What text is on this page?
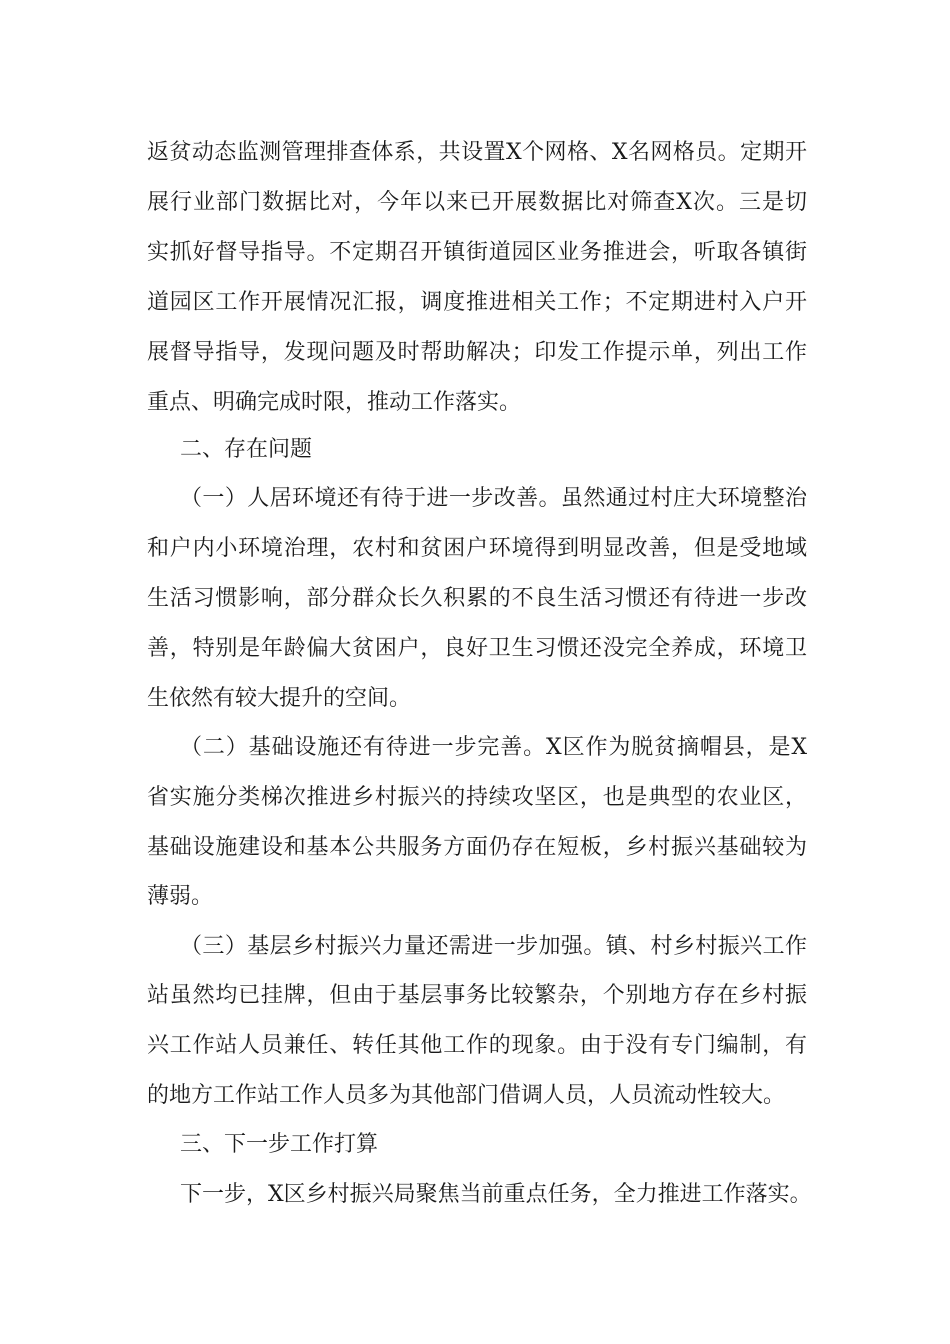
返贫动态监测管理排查体系，共设置X个网格、X名网格员。定期开
展行业部门数据比对，今年以来已开展数据比对筛查X次。三是切
实抓好督导指导。不定期召开镇街道园区业务推进会，听取各镇街
道园区工作开展情况汇报，调度推进相关工作；不定期进村入户开
展督导指导，发现问题及时帮助解决；印发工作提示单，列出工作
重点、明确完成时限，推动工作落实。
二、存在问题
（一）人居环境还有待于进一步改善。虽然通过村庄大环境整治
和户内小环境治理，农村和贫困户环境得到明显改善，但是受地域
生活习惯影响，部分群众长久积累的不良生活习惯还有待进一步改
善，特别是年龄偏大贫困户，良好卫生习惯还没完全养成，环境卫
生依然有较大提升的空间。
（二）基础设施还有待进一步完善。X区作为脱贫摘帽县，是X
省实施分类梯次推进乡村振兴的持续攻坚区，也是典型的农业区，
基础设施建设和基本公共服务方面仍存在短板，乡村振兴基础较为
薄弱。
（三）基层乡村振兴力量还需进一步加强。镇、村乡村振兴工作
站虽然均已挂牌，但由于基层事务比较繁杂，个别地方存在乡村振
兴工作站人员兼任、转任其他工作的现象。由于没有专门编制，有
的地方工作站工作人员多为其他部门借调人员，人员流动性较大。
三、下一步工作打算
下一步，X区乡村振兴局聚焦当前重点任务，全力推进工作落实。
